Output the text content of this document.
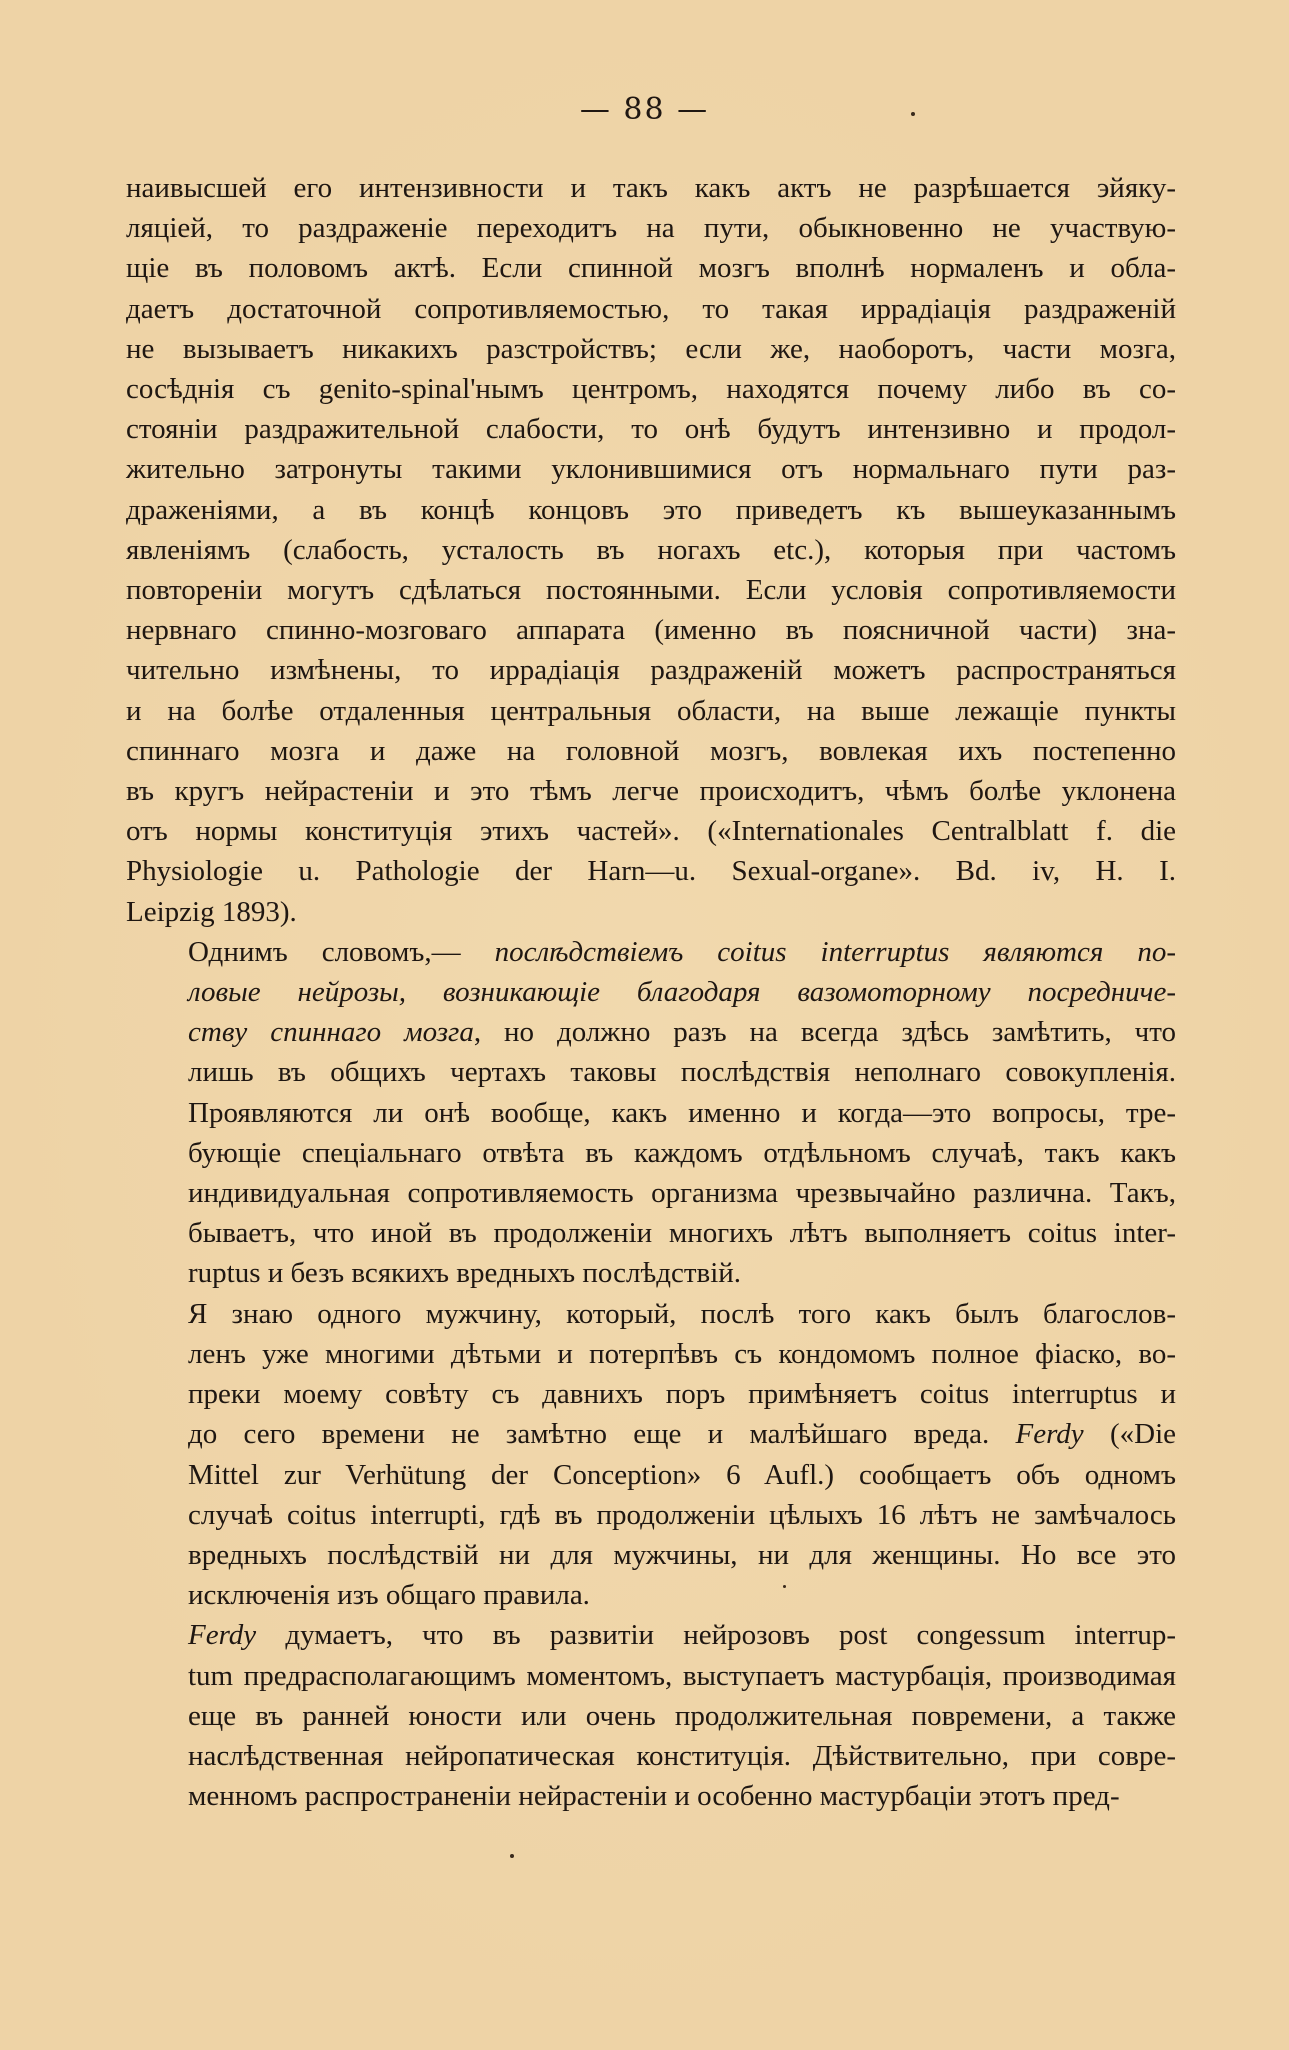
— 88 —

наивысшей его интензивности и такъ какъ актъ не разрѣшается эйяку-
ляціей, то раздраженіе переходитъ на пути, обыкновенно не участвую-
щіе въ половомъ актѣ. Если спинной мозгъ вполнѣ нормаленъ и обла-
даетъ достаточной сопротивляемостью, то такая иррадіація раздраженій
не вызываетъ никакихъ разстройствъ; если же, наоборотъ, части мозга,
сосѣднія съ genito-spinal'нымъ центромъ, находятся почему либо въ со-
стояніи раздражительной слабости, то онѣ будутъ интензивно и продол-
жительно затронуты такими уклонившимися отъ нормальнаго пути раз-
драженіями, а въ концѣ концовъ это приведетъ къ вышеуказаннымъ
явленіямъ (слабость, усталость въ ногахъ etc.), которыя при частомъ
повтореніи могутъ сдѣлаться постоянными. Если условія сопротивляемости
нервнаго спинно-мозговаго аппарата (именно въ поясничной части) зна-
чительно измѣнены, то иррадіація раздраженій можетъ распространяться
и на болѣе отдаленныя центральныя области, на выше лежащіе пункты
спиннаго мозга и даже на головной мозгъ, вовлекая ихъ постепенно
въ кругъ нейрастеніи и это тѣмъ легче происходитъ, чѣмъ болѣе уклонена
отъ нормы конституція этихъ частей». («Internationales Centralblatt f. die
Physiologie u. Pathologie der Harn—u. Sexual-organe». Bd. iv, H. I.
Leipzig 1893).

Однимъ словомъ,— послѣдствіемъ coitus interruptus являются по-
ловые нейрозы, возникающіе благодаря вазомоторному посредниче-
ству спиннаго мозга, но должно разъ на всегда здѣсь замѣтить, что
лишь въ общихъ чертахъ таковы послѣдствія неполнаго совокупленія.
Проявляются ли онѣ вообще, какъ именно и когда—это вопросы, тре-
бующіе спеціальнаго отвѣта въ каждомъ отдѣльномъ случаѣ, такъ какъ
индивидуальная сопротивляемость организма чрезвычайно различна. Такъ,
бываетъ, что иной въ продолженіи многихъ лѣтъ выполняетъ coitus inter-
ruptus и безъ всякихъ вредныхъ послѣдствій.

Я знаю одного мужчину, который, послѣ того какъ былъ благослов-
ленъ уже многими дѣтьми и потерпѣвъ съ кондомомъ полное фіаско, во-
преки моему совѣту съ давнихъ поръ примѣняетъ coitus interruptus и
до сего времени не замѣтно еще и малѣйшаго вреда. Ferdy («Die
Mittel zur Verhütung der Conception» 6 Aufl.) сообщаетъ объ одномъ
случаѣ coitus interrupti, гдѣ въ продолженіи цѣлыхъ 16 лѣтъ не замѣчалось
вредныхъ послѣдствій ни для мужчины, ни для женщины. Но все это
исключенія изъ общаго правила.

Ferdy думаетъ, что въ развитіи нейрозовъ post congessum interrup-
tum предрасполагающимъ моментомъ, выступаетъ мастурбація, производимая
еще въ ранней юности или очень продолжительная повремени, а также
наслѣдственная нейропатическая конституція. Дѣйствительно, при совре-
менномъ распространеніи нейрастеніи и особенно мастурбаціи этотъ пред-
